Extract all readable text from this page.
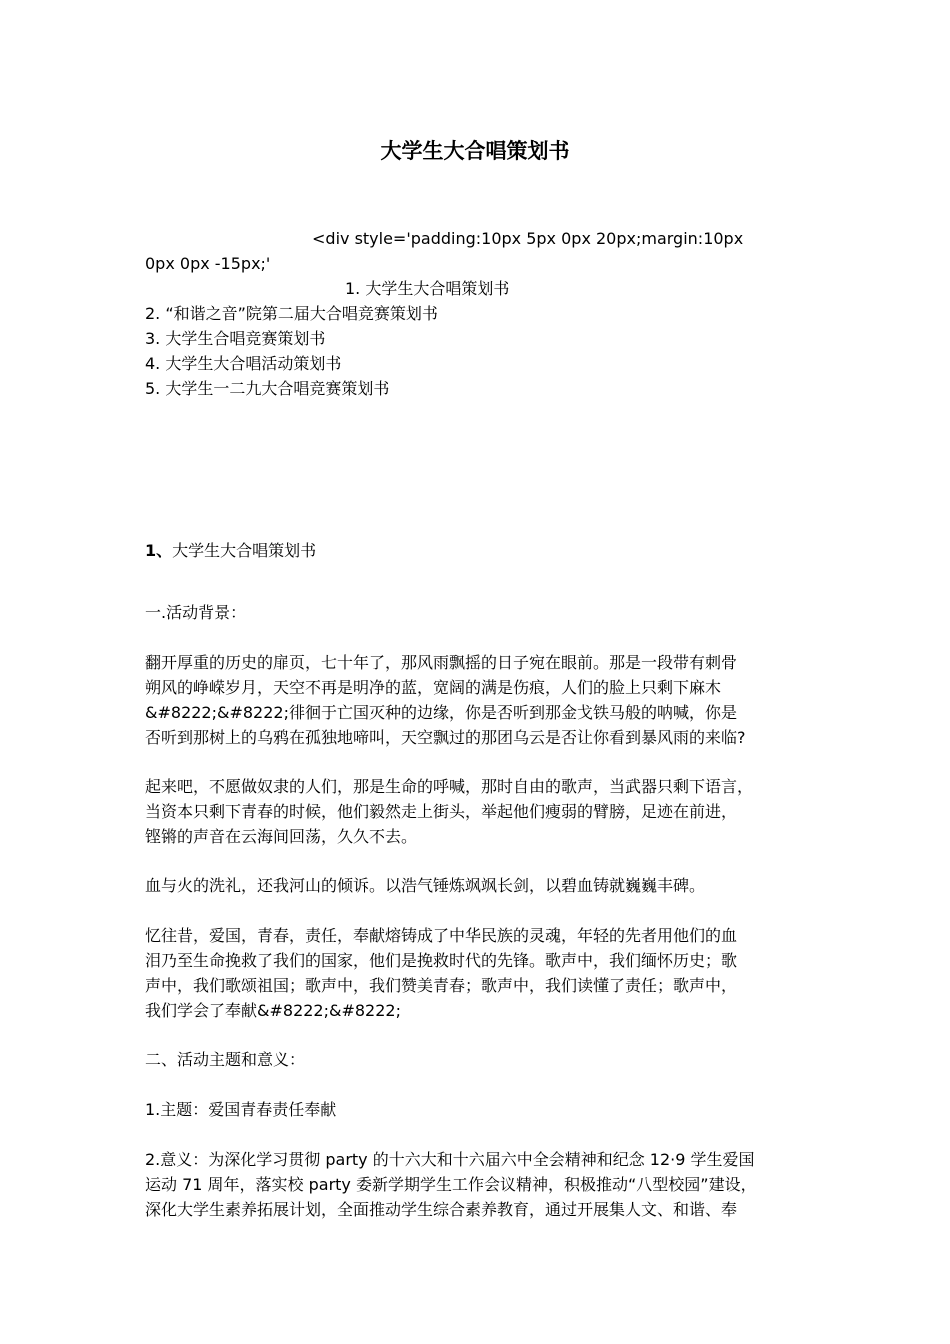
大学生大合唱策划书
<div style='padding:10px 5px 0px 20px;margin:10px
0px 0px -15px;'
1. 大学生大合唱策划书
2. “和谐之音”院第二届大合唱竞赛策划书
3. 大学生合唱竞赛策划书
4. 大学生大合唱活动策划书
5. 大学生一二九大合唱竞赛策划书
1、大学生大合唱策划书
一.活动背景：
翻开厚重的历史的扉页，七十年了，那风雨飘摇的日子宛在眼前。那是一段带有刺骨
朔风的峥嵘岁月，天空不再是明净的蓝，宽阔的满是伤痕，人们的脸上只剩下麻木
&#8222;&#8222;徘徊于亡国灭种的边缘，你是否听到那金戈铁马般的呐喊，你是
否听到那树上的乌鸦在孤独地啼叫，天空飘过的那团乌云是否让你看到暴风雨的来临?
起来吧，不愿做奴隶的人们，那是生命的呼喊，那时自由的歌声，当武器只剩下语言，
当资本只剩下青春的时候，他们毅然走上街头，举起他们瘦弱的臂膀，足迹在前进，
铿锵的声音在云海间回荡，久久不去。
血与火的洗礼，还我河山的倾诉。以浩气锤炼飒飒长剑，以碧血铸就巍巍丰碑。
忆往昔，爱国，青春，责任，奉献熔铸成了中华民族的灵魂，年轻的先者用他们的血
泪乃至生命挽救了我们的国家，他们是挽救时代的先锋。歌声中，我们缅怀历史；歌
声中，我们歌颂祖国；歌声中，我们赞美青春；歌声中，我们读懂了责任；歌声中，
我们学会了奉献&#8222;&#8222;
二、活动主题和意义：
1.主题：爱国青春责任奉献
2.意义：为深化学习贯彻 party 的十六大和十六届六中全会精神和纪念 12·9 学生爱国
运动 71 周年，落实校 party 委新学期学生工作会议精神，积极推动“八型校园”建设，
深化大学生素养拓展计划，全面推动学生综合素养教育，通过开展集人文、和谐、奉
